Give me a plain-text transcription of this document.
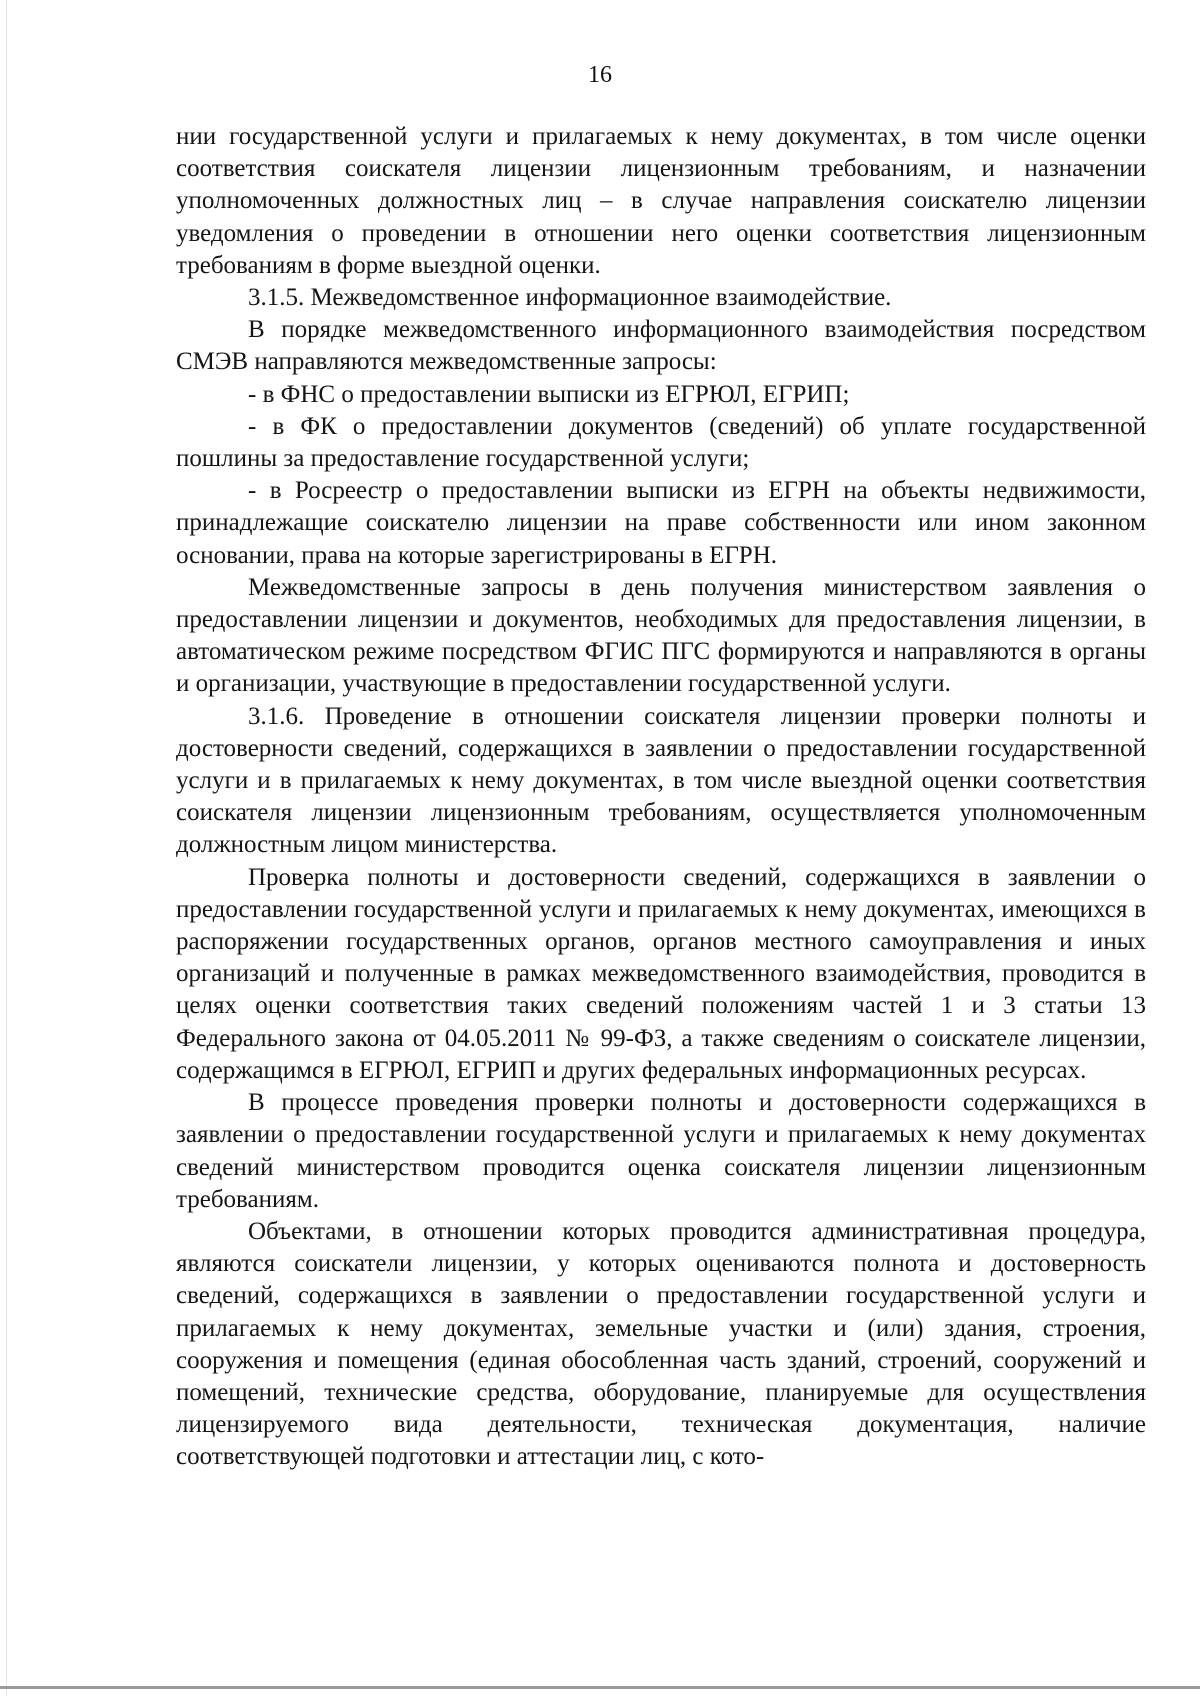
16

нии государственной услуги и прилагаемых к нему документах, в том числе оценки соответствия соискателя лицензии лицензионным требованиям, и назначении уполномоченных должностных лиц – в случае направления соискателю лицензии уведомления о проведении в отношении него оценки соответствия лицензионным требованиям в форме выездной оценки.

3.1.5. Межведомственное информационное взаимодействие.

В порядке межведомственного информационного взаимодействия посредством СМЭВ направляются межведомственные запросы:

- в ФНС о предоставлении выписки из ЕГРЮЛ, ЕГРИП;

- в ФК о предоставлении документов (сведений) об уплате государственной пошлины за предоставление государственной услуги;

- в Росреестр о предоставлении выписки из ЕГРН на объекты недвижимости, принадлежащие соискателю лицензии на праве собственности или ином законном основании, права на которые зарегистрированы в ЕГРН.

Межведомственные запросы в день получения министерством заявления о предоставлении лицензии и документов, необходимых для предоставления лицензии, в автоматическом режиме посредством ФГИС ПГС формируются и направляются в органы и организации, участвующие в предоставлении государственной услуги.

3.1.6. Проведение в отношении соискателя лицензии проверки полноты и достоверности сведений, содержащихся в заявлении о предоставлении государственной услуги и в прилагаемых к нему документах, в том числе выездной оценки соответствия соискателя лицензии лицензионным требованиям, осуществляется уполномоченным должностным лицом министерства.

Проверка полноты и достоверности сведений, содержащихся в заявлении о предоставлении государственной услуги и прилагаемых к нему документах, имеющихся в распоряжении государственных органов, органов местного самоуправления и иных организаций и полученные в рамках межведомственного взаимодействия, проводится в целях оценки соответствия таких сведений положениям частей 1 и 3 статьи 13 Федерального закона от 04.05.2011 № 99-ФЗ, а также сведениям о соискателе лицензии, содержащимся в ЕГРЮЛ, ЕГРИП и других федеральных информационных ресурсах.

В процессе проведения проверки полноты и достоверности содержащихся в заявлении о предоставлении государственной услуги и прилагаемых к нему документах сведений министерством проводится оценка соискателя лицензии лицензионным требованиям.

Объектами, в отношении которых проводится административная процедура, являются соискатели лицензии, у которых оцениваются полнота и достоверность сведений, содержащихся в заявлении о предоставлении государственной услуги и прилагаемых к нему документах, земельные участки и (или) здания, строения, сооружения и помещения (единая обособленная часть зданий, строений, сооружений и помещений, технические средства, оборудование, планируемые для осуществления лицензируемого вида деятельности, техническая документация, наличие соответствующей подготовки и аттестации лиц, с кото-
